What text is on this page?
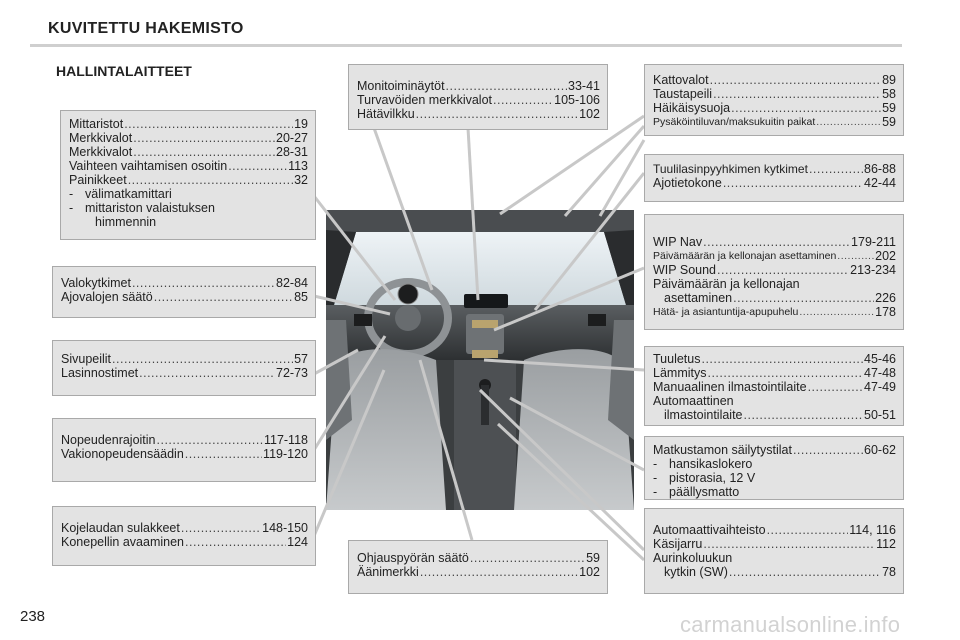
KUVITETTU HAKEMISTO
HALLINTALAITTEET
Mittaristot .....	19
Merkkivalot .....	20-27
Merkkivalot .....	28-31
Vaihteen vaihtamisen osoitin .....	113
Painikkeet .....	32
- välimatkamittari
- mittariston valaistuksen
himmennin
Valokytkimet .....	82-84
Ajovalojen säätö .....	85
Sivupeilit .....	57
Lasinnostimet .....	72-73
Nopeudenrajoitin .....	117-118
Vakionopeudensäädin .....	119-120
Kojelaudan sulakkeet .....	148-150
Konepellin avaaminen .....	124
Monitoiminäytöt .....	33-41
Turvavöiden merkkivalot .....	105-106
Hätävilkku .....	102
Ohjauspyörän säätö .....	59
Äänimerkki .....	102
Kattovalot .....	89
Taustapeili .....	58
Häikäisysuoja .....	59
Pysäköintiluvan/maksukuitin paikat .....	59
Tuulilasinpyyhkimen kytkimet .....	86-88
Ajotietokone .....	42-44
WIP Nav .....	179-211
Päivämäärän ja kellonajan asettaminen .....	202
WIP Sound .....	213-234
Päivämäärän ja kellonajan
asettaminen .....	226
Hätä- ja asiantuntija-apupuhelu .....	178
Tuuletus .....	45-46
Lämmitys .....	47-48
Manuaalinen ilmastointilaite .....	47-49
Automaattinen
ilmastointilaite .....	50-51
Matkustamon säilytystilat .....	60-62
- hansikaslokero
- pistorasia, 12 V
- päällysmatto
Automaattivaihteisto .....	114, 116
Käsijarru .....	112
Aurinkoluukun
kytkin (SW) .....	78
238	carmanualsonline.info
